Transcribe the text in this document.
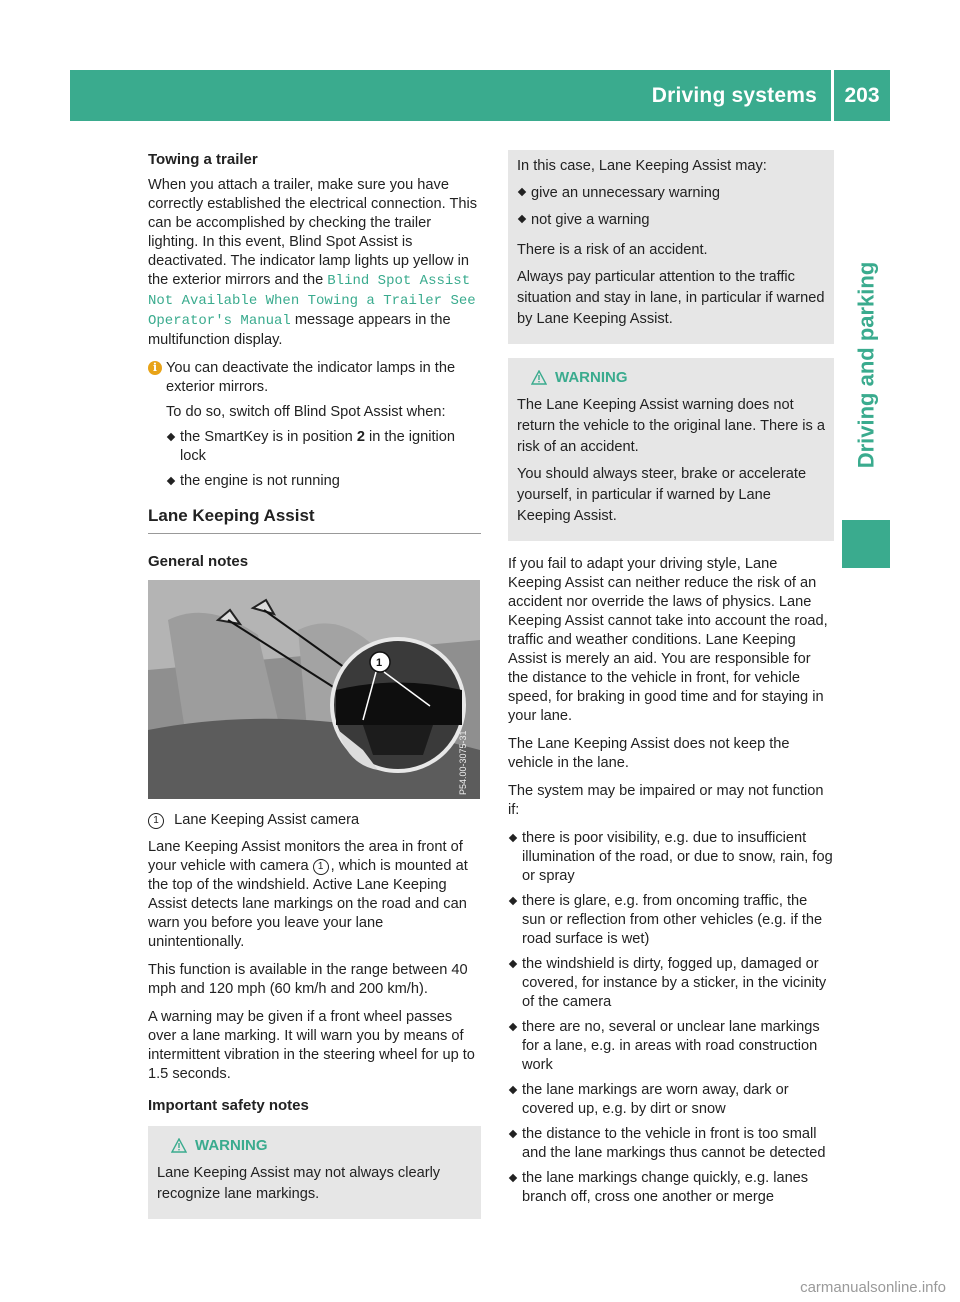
Driving systems	203
Driving and parking
Towing a trailer

When you attach a trailer, make sure you have correctly established the electrical connection. This can be accomplished by checking the trailer lighting. In this event, Blind Spot Assist is deactivated. The indicator lamp lights up yellow in the exterior mirrors and the Blind Spot Assist Not Available When Towing a Trailer See Operator's Manual message appears in the multifunction display.

i You can deactivate the indicator lamps in the exterior mirrors.

To do so, switch off Blind Spot Assist when:

the SmartKey is in position 2 in the ignition lock
the engine is not running
Lane Keeping Assist
General notes
P54.00-3075-31
1

1 Lane Keeping Assist camera

Lane Keeping Assist monitors the area in front of your vehicle with camera 1 , which is mounted at the top of the windshield. Active Lane Keeping Assist detects lane markings on the road and can warn you before you leave your lane unintentionally.

This function is available in the range between 40 mph and 120 mph (60 km/h and 200 km/h).

A warning may be given if a front wheel passes over a lane marking. It will warn you by means of intermittent vibration in the steering wheel for up to 1.5 seconds.

Important safety notes
WARNING

Lane Keeping Assist may not always clearly recognize lane markings.

In this case, Lane Keeping Assist may:

give an unnecessary warning
not give a warning

There is a risk of an accident.

Always pay particular attention to the traffic situation and stay in lane, in particular if warned by Lane Keeping Assist.

WARNING

The Lane Keeping Assist warning does not return the vehicle to the original lane. There is a risk of an accident.

You should always steer, brake or accelerate yourself, in particular if warned by Lane Keeping Assist.

If you fail to adapt your driving style, Lane Keeping Assist can neither reduce the risk of an accident nor override the laws of physics. Lane Keeping Assist cannot take into account the road, traffic and weather conditions. Lane Keeping Assist is merely an aid. You are responsible for the distance to the vehicle in front, for vehicle speed, for braking in good time and for staying in your lane.

The Lane Keeping Assist does not keep the vehicle in the lane.

The system may be impaired or may not function if:

there is poor visibility, e.g. due to insufficient illumination of the road, or due to snow, rain, fog or spray
there is glare, e.g. from oncoming traffic, the sun or reflection from other vehicles (e.g. if the road surface is wet)
the windshield is dirty, fogged up, damaged or covered, for instance by a sticker, in the vicinity of the camera
there are no, several or unclear lane markings for a lane, e.g. in areas with road construction work
the lane markings are worn away, dark or covered up, e.g. by dirt or snow
the distance to the vehicle in front is too small and the lane markings thus cannot be detected
the lane markings change quickly, e.g. lanes branch off, cross one another or merge
carmanualsonline.info
